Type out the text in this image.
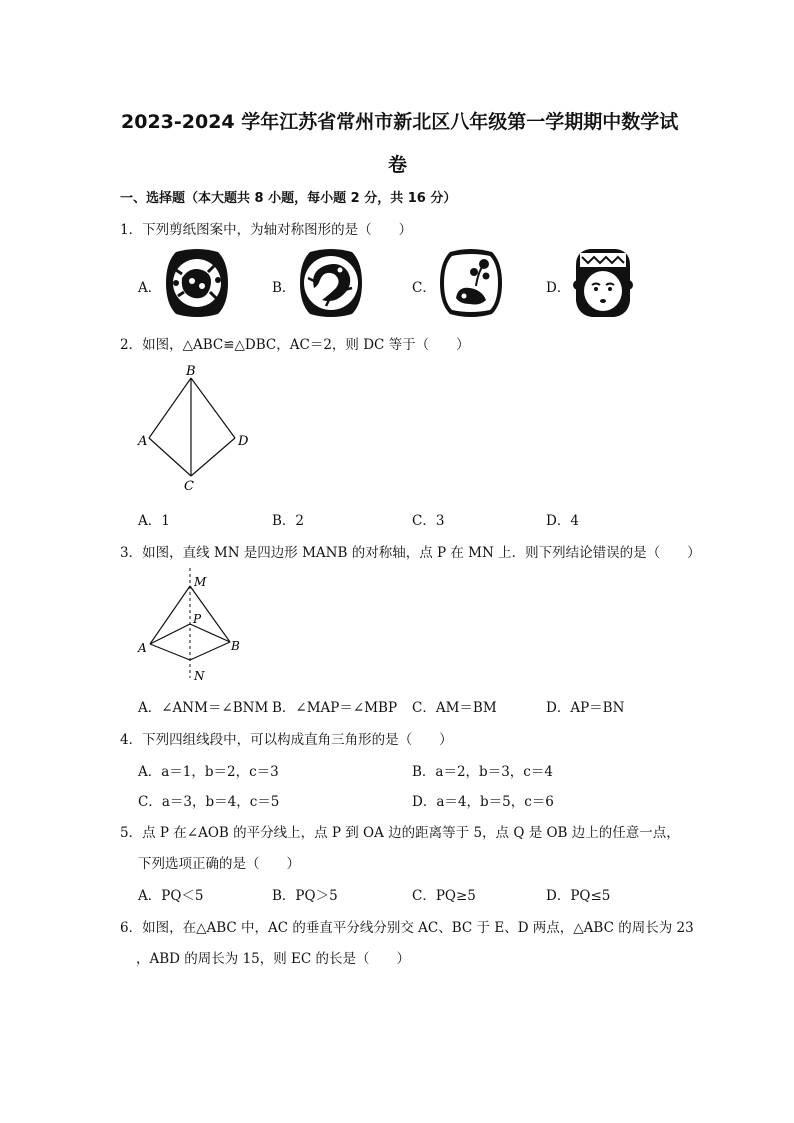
2023-2024 学年江苏省常州市新北区八年级第一学期期中数学试
卷
一、选择题（本大题共 8 小题，每小题 2 分，共 16 分）
1．下列剪纸图案中，为轴对称图形的是（　　）
A．	B．	C．	D．
2．如图，△ABC≌△DBC，AC＝2，则 DC 等于（　　）
B
A	D
C
A．1	B．2	C．3	D．4
3．如图，直线 MN 是四边形 MANB 的对称轴，点 P 在 MN 上．则下列结论错误的是（　　）
M
P
A	B
N
A．∠ANM＝∠BNM B．∠MAP＝∠MBP C．AM＝BM	D．AP＝BN
4．下列四组线段中，可以构成直角三角形的是（　　）
A．a＝1，b＝2，c＝3	B．a＝2，b＝3，c＝4
C．a＝3，b＝4，c＝5	D．a＝4，b＝5，c＝6
5．点 P 在∠AOB 的平分线上，点 P 到 OA 边的距离等于 5，点 Q 是 OB 边上的任意一点，
下列选项正确的是（　　）
A．PQ＜5	B．PQ＞5	C．PQ≥5	D．PQ≤5
6．如图，在△ABC 中，AC 的垂直平分线分别交 AC、BC 于 E、D 两点，△ABC 的周长为 23
，ABD 的周长为 15，则 EC 的长是（　　）
